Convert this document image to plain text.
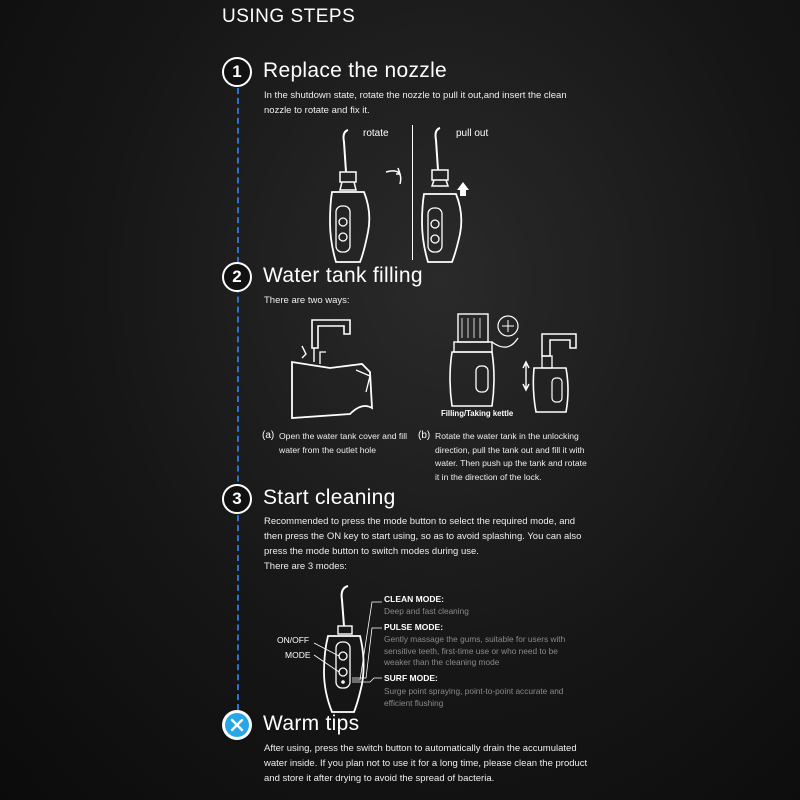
USING STEPS
1	Replace the nozzle
In the shutdown state, rotate the nozzle to pull it out,and insert the clean nozzle to rotate and fix it.
rotate	pull out
2	Water tank filling
There are two ways:
Filling/Taking kettle
(a) Open the water tank cover and fill water from the outlet hole
(b) Rotate the water tank in the unlocking direction, pull the tank out and fill it with water. Then push up the tank and rotate it in the direction of the lock.
3	Start cleaning
Recommended to press the mode button to select the required mode, and then press the ON key to start using, so as to avoid splashing. You can also press the mode button to switch modes during use.
There are 3 modes:
ON/OFF
MODE
CLEAN MODE:
Deep and fast cleaning
PULSE MODE:
Gently massage the gums, suitable for users with sensitive teeth, first-time use or who need to be weaker than the cleaning mode
SURF MODE:
Surge point spraying, point-to-point accurate and efficient flushing
Warm tips
After using, press the switch button to automatically drain the accumulated water inside. If you plan not to use it for a long time, please clean the product and store it after drying to avoid the spread of bacteria.
